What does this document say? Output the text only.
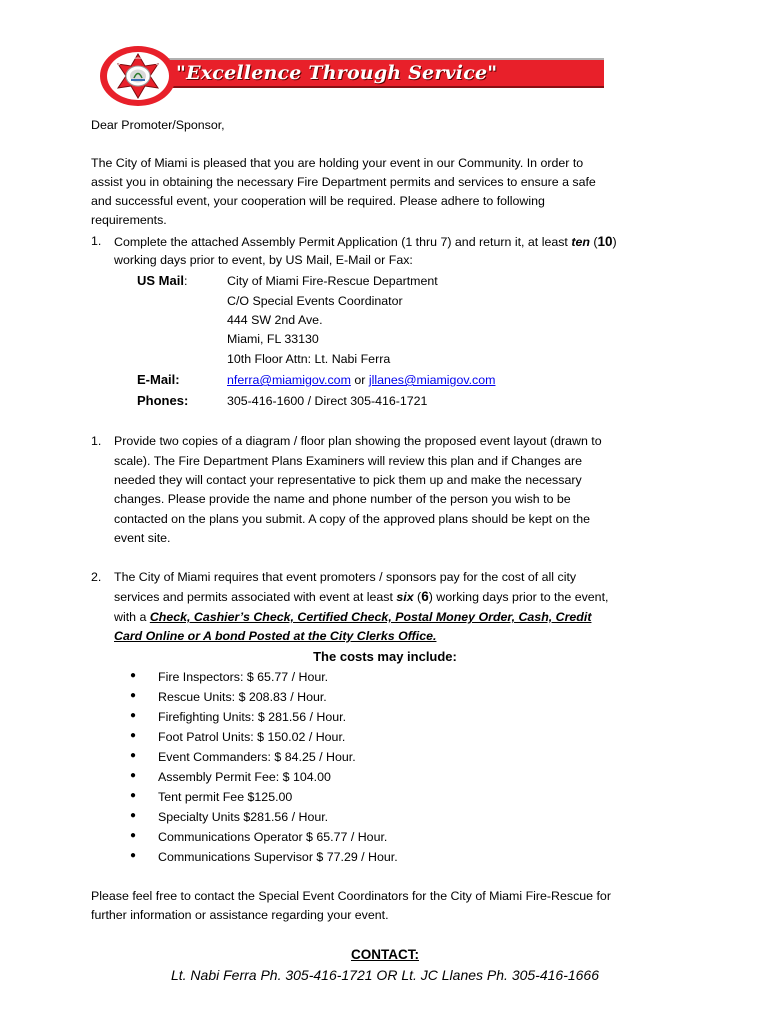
"Excellence Through Service"
Dear Promoter/Sponsor,
The City of Miami is pleased that you are holding your event in our Community. In order to
assist you in obtaining the necessary Fire Department permits and services to ensure a safe
and successful event, your cooperation will be required. Please adhere to following
requirements.
1. Complete the attached Assembly Permit Application (1 thru 7) and return it, at least ten (10)
working days prior to event, by US Mail, E-Mail or Fax:
US Mail:	City of Miami Fire-Rescue Department
C/O Special Events Coordinator
444 SW 2nd Ave.
Miami, FL 33130
10th Floor Attn: Lt. Nabi Ferra
E-Mail:	nferra@miamigov.com or jllanes@miamigov.com
Phones:	305-416-1600 / Direct 305-416-1721
1. Provide two copies of a diagram / floor plan showing the proposed event layout (drawn to
scale). The Fire Department Plans Examiners will review this plan and if Changes are
needed they will contact your representative to pick them up and make the necessary
changes. Please provide the name and phone number of the person you wish to be
contacted on the plans you submit. A copy of the approved plans should be kept on the
event site.
2. The City of Miami requires that event promoters / sponsors pay for the cost of all city
services and permits associated with event at least six (6) working days prior to the event,
with a Check, Cashier’s Check, Certified Check, Postal Money Order, Cash, Credit
Card Online or A bond Posted at the City Clerks Office.
The costs may include:
● Fire Inspectors: $ 65.77 / Hour.
● Rescue Units: $ 208.83 / Hour.
● Firefighting Units: $ 281.56 / Hour.
● Foot Patrol Units: $ 150.02 / Hour.
● Event Commanders: $ 84.25 / Hour.
● Assembly Permit Fee: $ 104.00
● Tent permit Fee $125.00
● Specialty Units $281.56 / Hour.
● Communications Operator $ 65.77 / Hour.
● Communications Supervisor $ 77.29 / Hour.
Please feel free to contact the Special Event Coordinators for the City of Miami Fire-Rescue for
further information or assistance regarding your event.
CONTACT:
Lt. Nabi Ferra Ph. 305-416-1721 OR Lt. JC Llanes Ph. 305-416-1666
